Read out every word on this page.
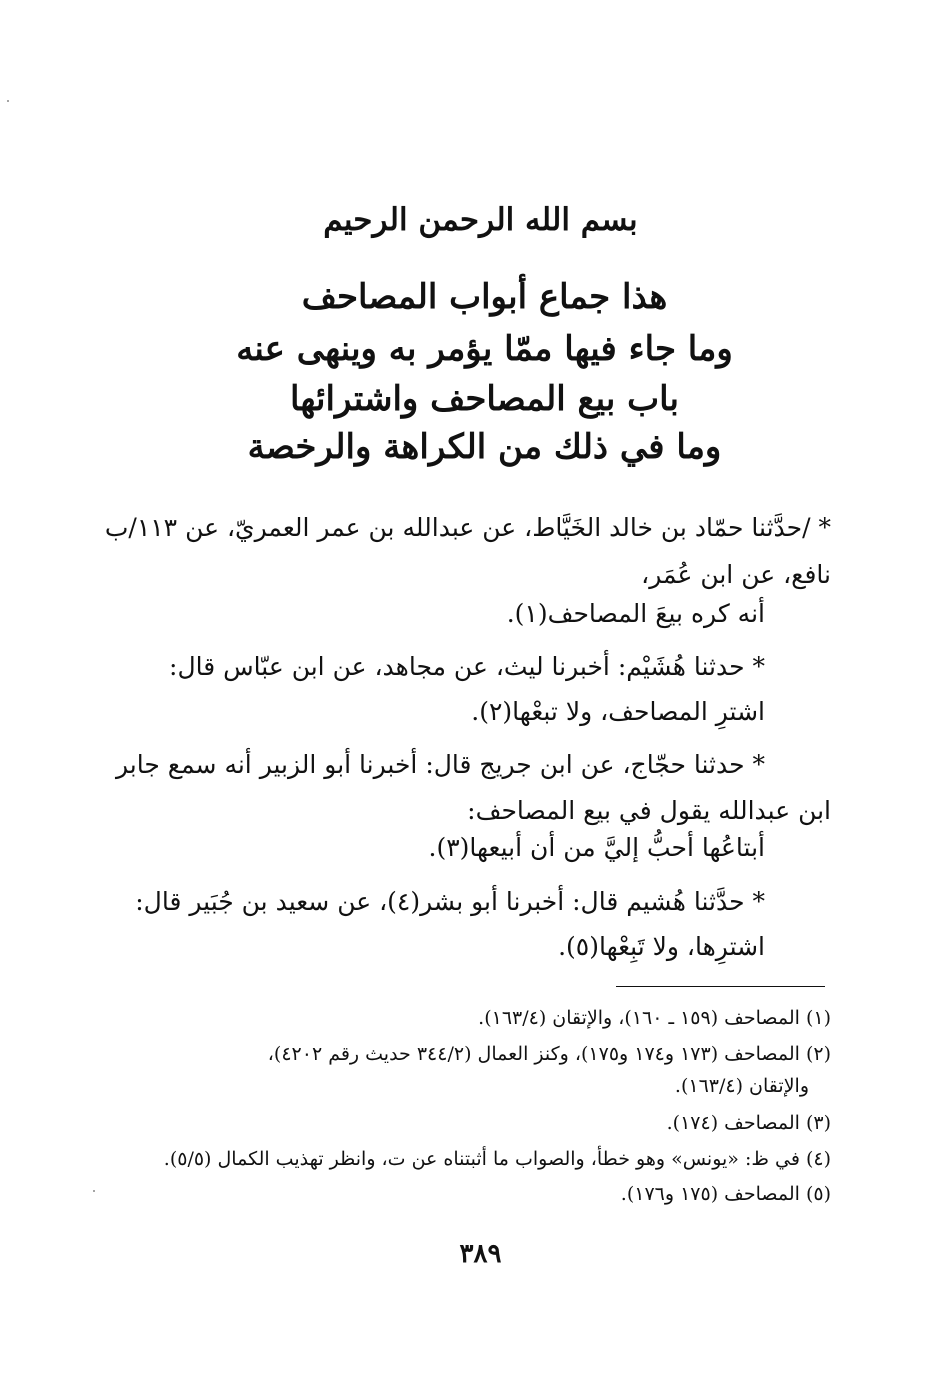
بسم الله الرحمن الرحيم
هذا جماع أبواب المصاحف
وما جاء فيها ممّا يؤمر به وينهى عنه
باب بيع المصاحف واشترائها
وما في ذلك من الكراهة والرخصة
* /حدَّثنا حمّاد بن خالد الخَيَّاط، عن عبدالله بن عمر العمريّ، عن ١١٣/ب
نافع، عن ابن عُمَر،
أنه كره بيعَ المصاحف(١).
* حدثنا هُشَيْم: أخبرنا ليث، عن مجاهد، عن ابن عبّاس قال:
اشترِ المصاحف، ولا تبعْها(٢).
* حدثنا حجّاج، عن ابن جريج قال: أخبرنا أبو الزبير أنه سمع جابر
ابن عبدالله يقول في بيع المصاحف:
أبتاعُها أحبُّ إليَّ من أن أبيعها(٣).
* حدَّثنا هُشيم قال: أخبرنا أبو بشر(٤)، عن سعيد بن جُبَير قال:
اشترِها، ولا تَبِعْها(٥).
(١) المصاحف (١٥٩ ـ ١٦٠)، والإتقان (١٦٣/٤).
(٢) المصاحف (١٧٣ و١٧٤ و١٧٥)، وكنز العمال (٣٤٤/٢ حديث رقم ٤٢٠٢)،
والإتقان (١٦٣/٤).
(٣) المصاحف (١٧٤).
(٤) في ظ: «يونس» وهو خطأ، والصواب ما أثبتناه عن ت، وانظر تهذيب الكمال (٥/٥).
(٥) المصاحف (١٧٥ و١٧٦).
٣٨٩
